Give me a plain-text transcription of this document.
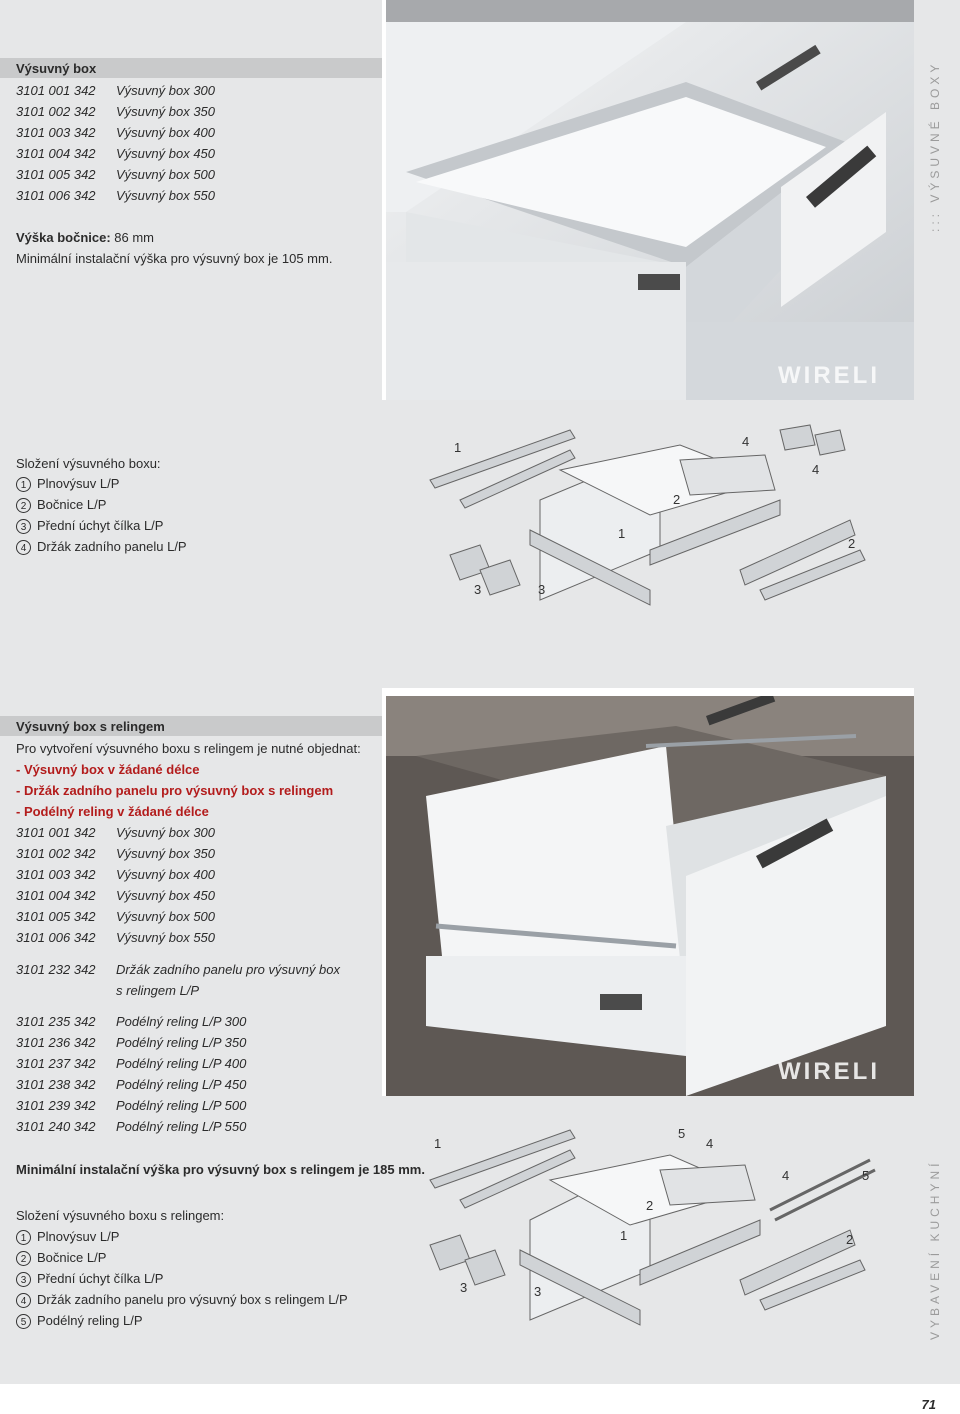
Výsuvný box
3101 001 342 Výsuvný box 300
3101 002 342 Výsuvný box 350
3101 003 342 Výsuvný box 400
3101 004 342 Výsuvný box 450
3101 005 342 Výsuvný box 500
3101 006 342 Výsuvný box 550
Výška bočnice: 86 mm
Minimální instalační výška pro výsuvný box je 105 mm.
WIRELI
::: VÝSUVNÉ BOXY
Složení výsuvného boxu:
1 Plnovýsuv L/P
2 Bočnice L/P
3 Přední úchyt čílka L/P
4 Držák zadního panelu L/P
1	4
4
2
1
2
3	3
Výsuvný box s relingem
Pro vytvoření výsuvného boxu s relingem je nutné objednat:
- Výsuvný box v žádané délce
- Držák zadního panelu pro výsuvný box s relingem
- Podélný reling v žádané délce
3101 001 342 Výsuvný box 300
3101 002 342 Výsuvný box 350
3101 003 342 Výsuvný box 400
3101 004 342 Výsuvný box 450
3101 005 342 Výsuvný box 500
3101 006 342 Výsuvný box 550
3101 232 342 Držák zadního panelu pro výsuvný box
s relingem L/P
3101 235 342 Podélný reling L/P 300
3101 236 342 Podélný reling L/P 350
3101 237 342 Podélný reling L/P 400
3101 238 342 Podélný reling L/P 450
3101 239 342 Podélný reling L/P 500
3101 240 342 Podélný reling L/P 550
Minimální instalační výška pro výsuvný box s relingem je 185 mm.
WIRELI
Složení výsuvného boxu s relingem:
1 Plnovýsuv L/P
2 Bočnice L/P
3 Přední úchyt čílka L/P
4 Držák zadního panelu pro výsuvný box s relingem L/P
5 Podélný reling L/P
1
5
4
4	5
2
1	2
3	3	VYBAVENÍ KUCHYNÍ
71
